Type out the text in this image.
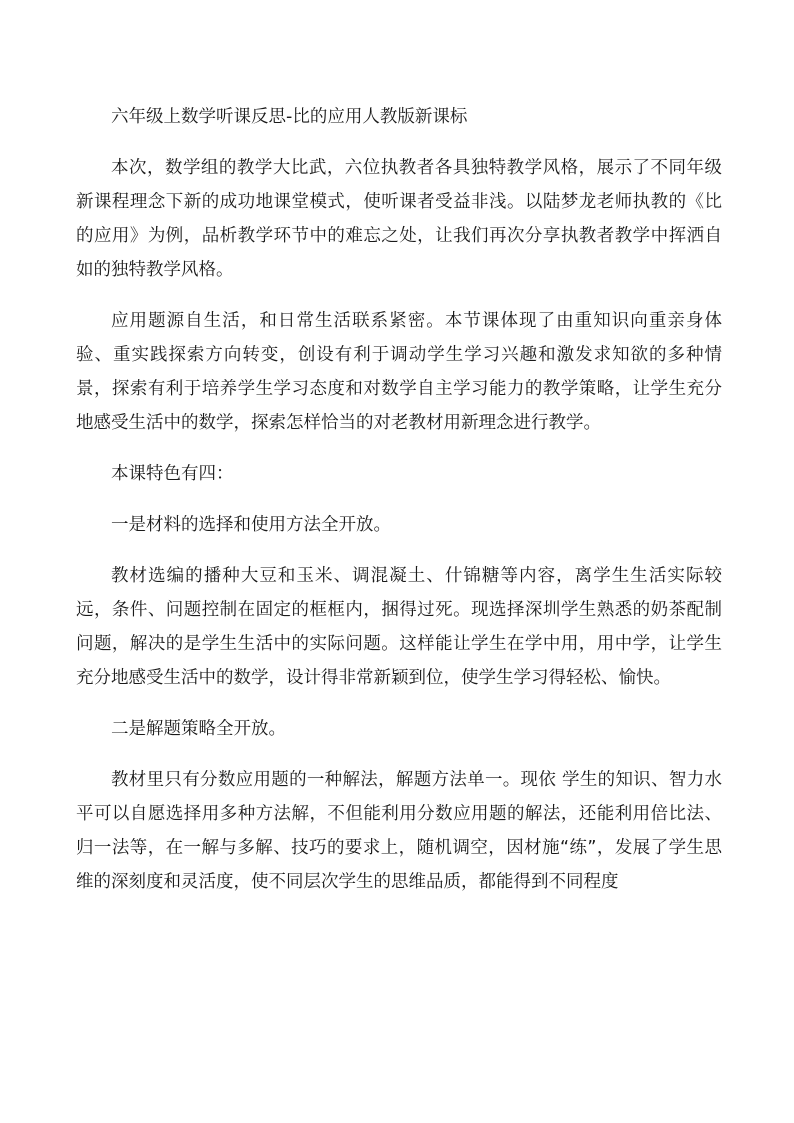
六年级上数学听课反思-比的应用人教版新课标

本次，数学组的教学大比武，六位执教者各具独特教学风格，展示了不同年级新课程理念下新的成功地课堂模式，使听课者受益非浅。以陆梦龙老师执教的《比的应用》为例，品析教学环节中的难忘之处，让我们再次分享执教者教学中挥洒自如的独特教学风格。

应用题源自生活，和日常生活联系紧密。本节课体现了由重知识向重亲身体验、重实践探索方向转变，创设有利于调动学生学习兴趣和激发求知欲的多种情景，探索有利于培养学生学习态度和对数学自主学习能力的教学策略，让学生充分地感受生活中的数学，探索怎样恰当的对老教材用新理念进行教学。

本课特色有四：

一是材料的选择和使用方法全开放。

教材选编的播种大豆和玉米、调混凝土、什锦糖等内容，离学生生活实际较远，条件、问题控制在固定的框框内，捆得过死。现选择深圳学生熟悉的奶茶配制问题，解决的是学生生活中的实际问题。这样能让学生在学中用，用中学，让学生充分地感受生活中的数学，设计得非常新颖到位，使学生学习得轻松、愉快。

二是解题策略全开放。

教材里只有分数应用题的一种解法，解题方法单一。现依 学生的知识、智力水平可以自愿选择用多种方法解，不但能利用分数应用题的解法，还能利用倍比法、归一法等，在一解与多解、技巧的要求上，随机调空，因材施“练”，发展了学生思维的深刻度和灵活度，使不同层次学生的思维品质，都能得到不同程度
